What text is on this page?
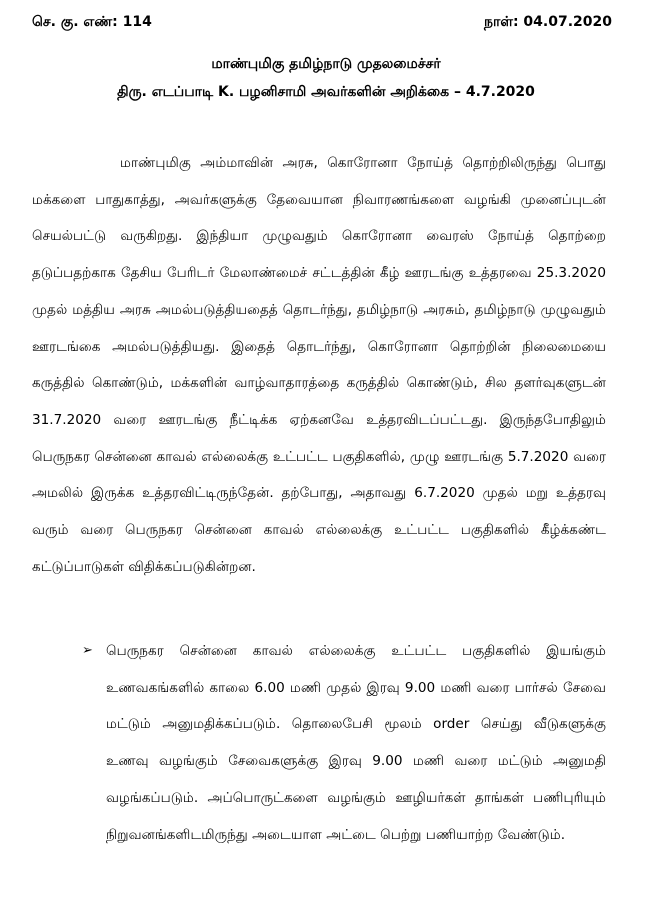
செ. கு. எண்: 114	நாள்: 04.07.2020
மாண்புமிகு தமிழ்நாடு முதலமைச்சர்
திரு. எடப்பாடி K. பழனிசாமி அவர்களின் அறிக்கை – 4.7.2020

மாண்புமிகு அம்மாவின் அரசு, கொரோனா நோய்த் தொற்றிலிருந்து பொது மக்களை பாதுகாத்து, அவர்களுக்கு தேவையான நிவாரணங்களை வழங்கி முனைப்புடன் செயல்பட்டு வருகிறது. இந்தியா முழுவதும் கொரோனா வைரஸ் நோய்த் தொற்றை தடுப்பதற்காக தேசிய பேரிடர் மேலாண்மைச் சட்டத்தின் கீழ் ஊரடங்கு உத்தரவை 25.3.2020 முதல் மத்திய அரசு அமல்படுத்தியதைத் தொடர்ந்து, தமிழ்நாடு அரசும், தமிழ்நாடு முழுவதும் ஊரடங்கை அமல்படுத்தியது. இதைத் தொடர்ந்து, கொரோனா தொற்றின் நிலைமையை கருத்தில் கொண்டும், மக்களின் வாழ்வாதாரத்தை கருத்தில் கொண்டும், சில தளர்வுகளுடன் 31.7.2020 வரை ஊரடங்கு நீட்டிக்க ஏற்கனவே உத்தரவிடப்பட்டது. இருந்தபோதிலும் பெருநகர சென்னை காவல் எல்லைக்கு உட்பட்ட பகுதிகளில், முழு ஊரடங்கு 5.7.2020 வரை அமலில் இருக்க உத்தரவிட்டிருந்தேன். தற்போது, அதாவது 6.7.2020 முதல் மறு உத்தரவு வரும் வரை பெருநகர சென்னை காவல் எல்லைக்கு உட்பட்ட பகுதிகளில் கீழ்க்கண்ட கட்டுப்பாடுகள் விதிக்கப்படுகின்றன.

➢ பெருநகர சென்னை காவல் எல்லைக்கு உட்பட்ட பகுதிகளில் இயங்கும் உணவகங்களில் காலை 6.00 மணி முதல் இரவு 9.00 மணி வரை பார்சல் சேவை மட்டும் அனுமதிக்கப்படும். தொலைபேசி மூலம் order செய்து வீடுகளுக்கு உணவு வழங்கும் சேவைகளுக்கு இரவு 9.00 மணி வரை மட்டும் அனுமதி வழங்கப்படும். அப்பொருட்களை வழங்கும் ஊழியர்கள் தாங்கள் பணிபுரியும் நிறுவனங்களிடமிருந்து அடையாள அட்டை பெற்று பணியாற்ற வேண்டும்.
